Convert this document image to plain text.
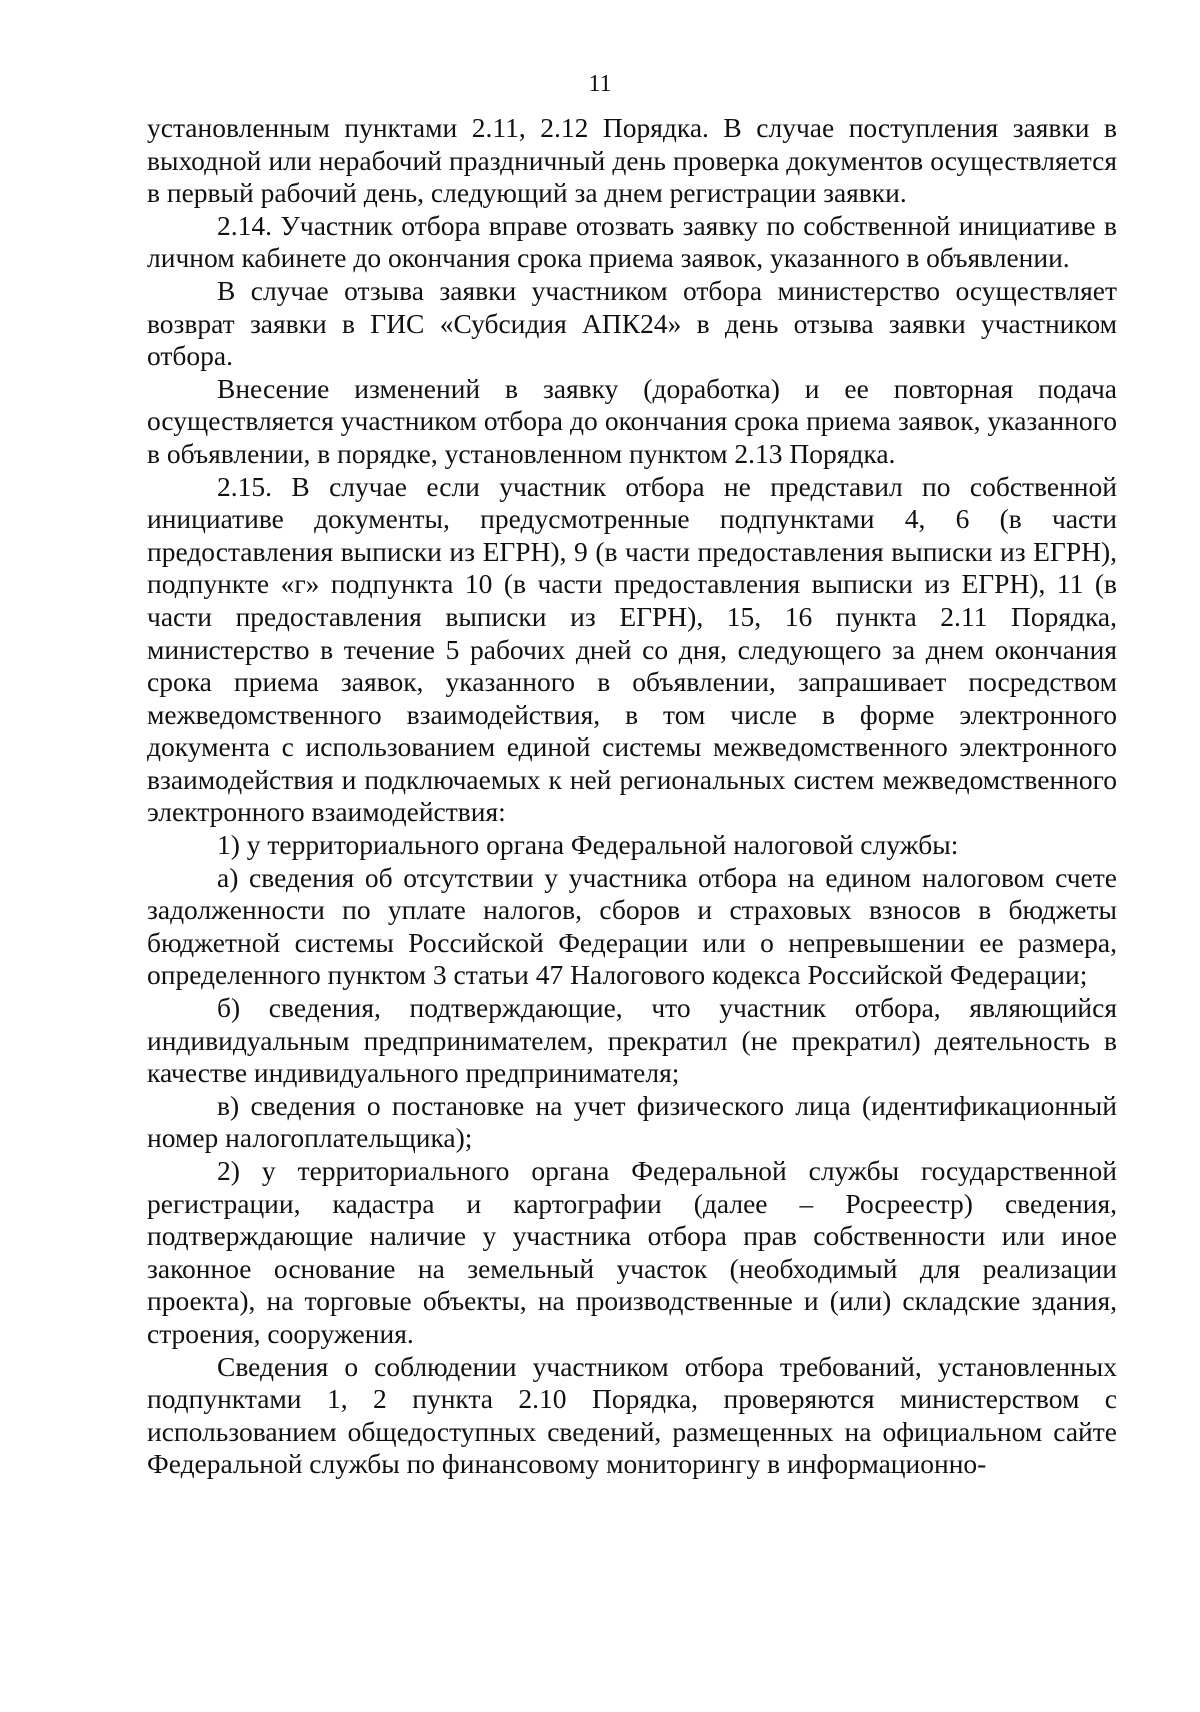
11

установленным пунктами 2.11, 2.12 Порядка. В случае поступления заявки в выходной или нерабочий праздничный день проверка документов осуществляется в первый рабочий день, следующий за днем регистрации заявки.

2.14. Участник отбора вправе отозвать заявку по собственной инициативе в личном кабинете до окончания срока приема заявок, указанного в объявлении.

В случае отзыва заявки участником отбора министерство осуществляет возврат заявки в ГИС «Субсидия АПК24» в день отзыва заявки участником отбора.

Внесение изменений в заявку (доработка) и ее повторная подача осуществляется участником отбора до окончания срока приема заявок, указанного в объявлении, в порядке, установленном пунктом 2.13 Порядка.

2.15. В случае если участник отбора не представил по собственной инициативе документы, предусмотренные подпунктами 4, 6 (в части предоставления выписки из ЕГРН), 9 (в части предоставления выписки из ЕГРН), подпункте «г» подпункта 10 (в части предоставления выписки из ЕГРН), 11 (в части предоставления выписки из ЕГРН), 15, 16 пункта 2.11 Порядка, министерство в течение 5 рабочих дней со дня, следующего за днем окончания срока приема заявок, указанного в объявлении, запрашивает посредством межведомственного взаимодействия, в том числе в форме электронного документа с использованием единой системы межведомственного электронного взаимодействия и подключаемых к ней региональных систем межведомственного электронного взаимодействия:

1) у территориального органа Федеральной налоговой службы:

а) сведения об отсутствии у участника отбора на едином налоговом счете задолженности по уплате налогов, сборов и страховых взносов в бюджеты бюджетной системы Российской Федерации или о непревышении ее размера, определенного пунктом 3 статьи 47 Налогового кодекса Российской Федерации;

б) сведения, подтверждающие, что участник отбора, являющийся индивидуальным предпринимателем, прекратил (не прекратил) деятельность в качестве индивидуального предпринимателя;

в) сведения о постановке на учет физического лица (идентификационный номер налогоплательщика);

2) у территориального органа Федеральной службы государственной регистрации, кадастра и картографии (далее – Росреестр) сведения, подтверждающие наличие у участника отбора прав собственности или иное законное основание на земельный участок (необходимый для реализации проекта), на торговые объекты, на производственные и (или) складские здания, строения, сооружения.

Сведения о соблюдении участником отбора требований, установленных подпунктами 1, 2 пункта 2.10 Порядка, проверяются министерством с использованием общедоступных сведений, размещенных на официальном сайте Федеральной службы по финансовому мониторингу в информационно-
